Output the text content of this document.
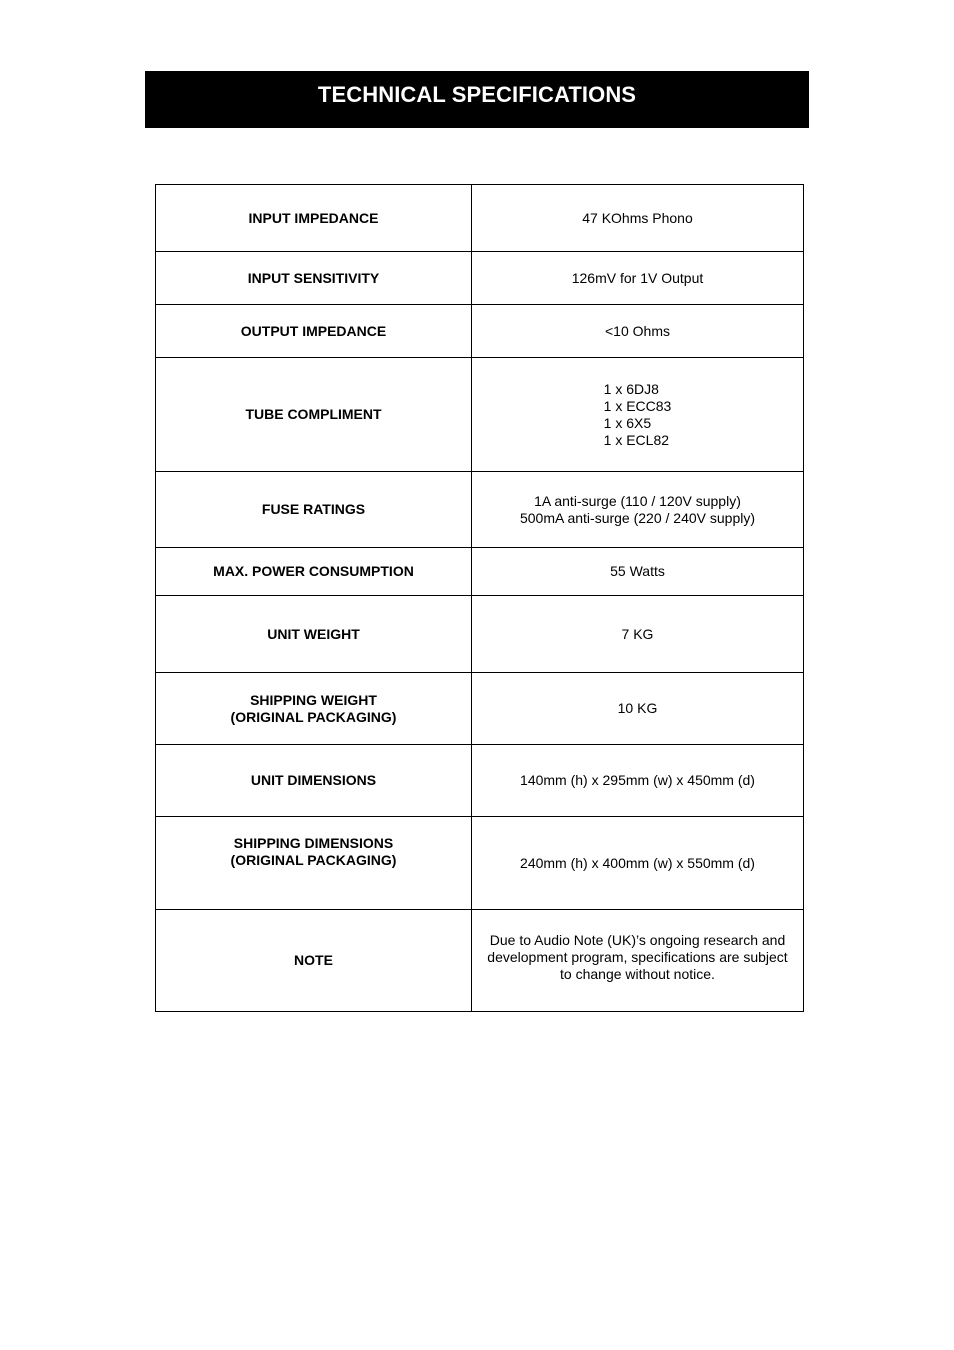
TECHNICAL SPECIFICATIONS
INPUT IMPEDANCE	47 KOhms Phono
INPUT SENSITIVITY	126mV for 1V Output
OUTPUT IMPEDANCE	<10 Ohms
TUBE COMPLIMENT	1 x 6DJ8
1 x ECC83
1 x 6X5
1 x ECL82

FUSE RATINGS	1A anti-surge (110 / 120V supply)
500mA anti-surge (220 / 240V supply)

MAX. POWER CONSUMPTION	55 Watts
UNIT WEIGHT	7 KG

SHIPPING WEIGHT
(ORIGINAL PACKAGING)	10 KG
UNIT DIMENSIONS	140mm (h) x 295mm (w) x 450mm (d)

SHIPPING DIMENSIONS
(ORIGINAL PACKAGING)	240mm (h) x 400mm (w) x 550mm (d)
NOTE	Due to Audio Note (UK)’s ongoing research and
development program, specifications are subject
to change without notice.
